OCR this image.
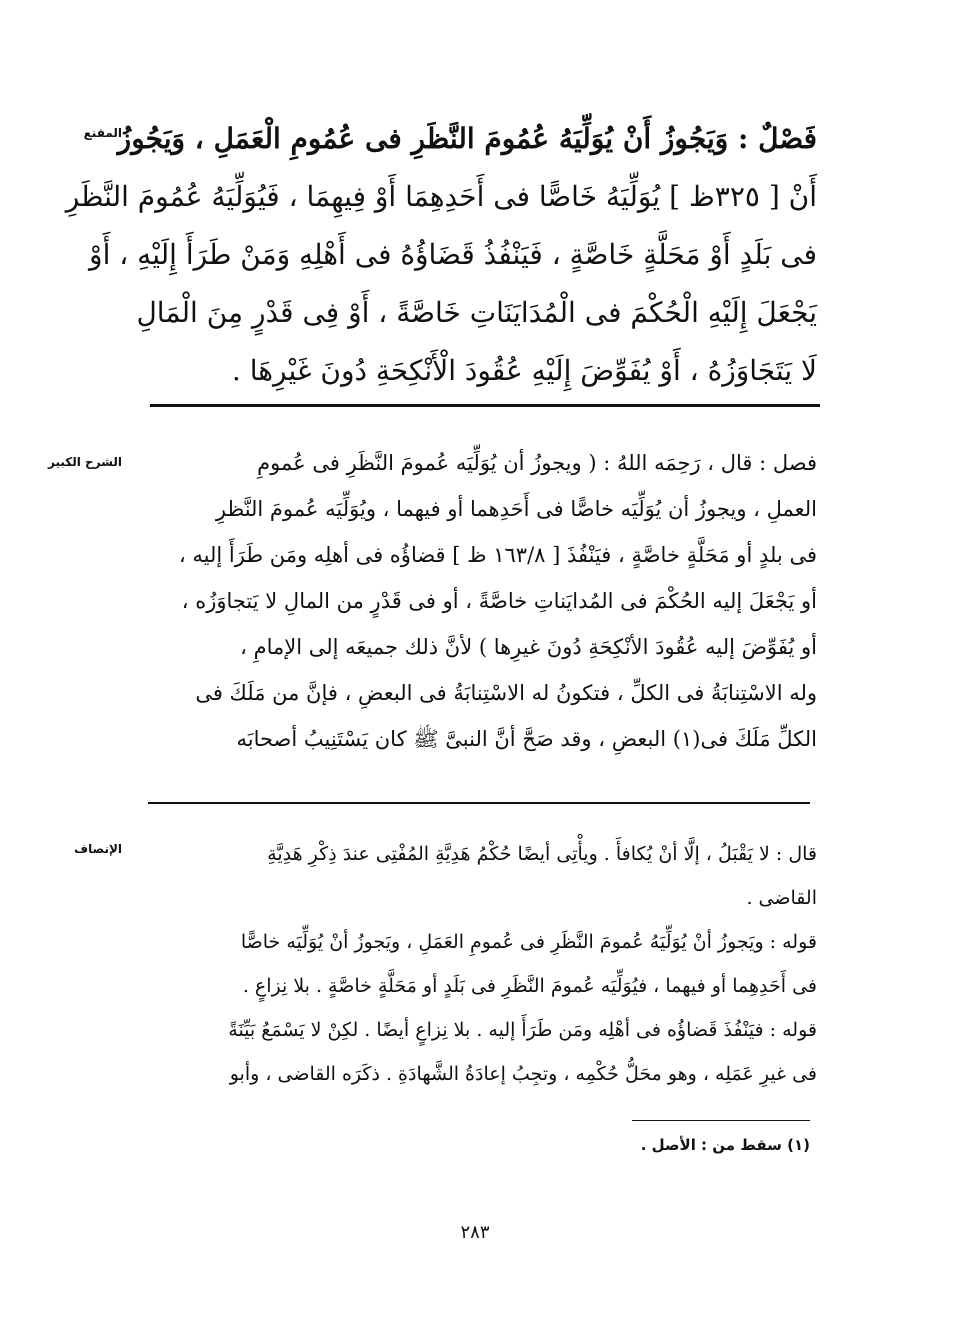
المقنع
الشرح الكبير
الإنصاف
فَصْلٌ : وَيَجُوزُ أَنْ يُوَلِّيَهُ عُمُومَ النَّظَرِ فى عُمُومِ الْعَمَلِ ، وَيَجُوزُ
أَنْ [ ٣٢٥ظ ] يُوَلِّيَهُ خَاصًّا فى أَحَدِهِمَا أَوْ فِيهِمَا ، فَيُوَلِّيَهُ عُمُومَ النَّظَرِ
فى بَلَدٍ أَوْ مَحَلَّةٍ خَاصَّةٍ ، فَيَنْفُذُ قَضَاؤُهُ فى أَهْلِهِ وَمَنْ طَرَأَ إِلَيْهِ ، أَوْ
يَجْعَلَ إِلَيْهِ الْحُكْمَ فى الْمُدَايَنَاتِ خَاصَّةً ، أَوْ فِى قَدْرٍ مِنَ الْمَالِ
لَا يَتَجَاوَزُهُ ، أَوْ يُفَوِّضَ إِلَيْهِ عُقُودَ الْأَنْكِحَةِ دُونَ غَيْرِهَا .
فصل : قال ، رَحِمَه اللهُ : ( ويجوزُ أن يُوَلِّيَه عُمومَ النَّظَرِ فى عُمومِ
العملِ ، ويجوزُ أن يُوَلِّيَه خاصًّا فى أَحَدِهما أو فيهما ، ويُوَلِّيَه عُمومَ النَّظرِ
فى بلدٍ أو مَحَلَّةٍ خاصَّةٍ ، فيَنْفُذَ [ ١٦٣/٨ ظ ] قضاؤُه فى أهلِه ومَن طَرَأَ إليه ،
أو يَجْعَلَ إليه الحُكْمَ فى المُدايَناتِ خاصَّةً ، أو فى قَدْرٍ من المالِ لا يَتجاوَزُه ،
أو يُفَوِّضَ إليه عُقُودَ الأنْكِحَةِ دُونَ غيرِها ) لأنَّ ذلك جميعَه إلى الإمامِ ،
وله الاسْتِنابَةُ فى الكلِّ ، فتكونُ له الاسْتِنابَةُ فى البعضِ ، فإنَّ من مَلَكَ فى
الكلِّ مَلَكَ فى(١) البعضِ ، وقد صَحَّ أنَّ النبىَّ ﷺ كان يَسْتَنِيبُ أصحابَه
قال : لا يَقْبَلُ ، إلَّا أنْ يُكافأَ . ويأْتِى أيضًا حُكْمُ هَدِيَّةِ المُفْتِى عندَ ذِكْرِ هَدِيَّةِ
القاضى .
قوله : ويَجوزُ أنْ يُوَلِّيَهُ عُمومَ النَّظَرِ فى عُمومِ العَمَلِ ، ويَجوزُ أنْ يُوَلِّيَه خاصًّا
فى أَحَدِهِما أو فيهما ، فيُوَلِّيَه عُمومَ النَّظَرِ فى بَلَدٍ أو مَحَلَّةٍ خاصَّةٍ . بلا نِزاعٍ .
قوله : فيَنْفُذَ قَضاؤُه فى أهْلِه ومَن طَرَأَ إليه . بلا نِزاعٍ أيضًا . لكِنْ لا يَسْمَعُ بَيِّنَةً
فى غيرِ عَمَلِه ، وهو محَلُّ حُكْمِه ، وتجِبُ إعادَةُ الشَّهادَةِ . ذكَرَه القاضى ، وأبو
(١) سقط من : الأصل .
٢٨٣
